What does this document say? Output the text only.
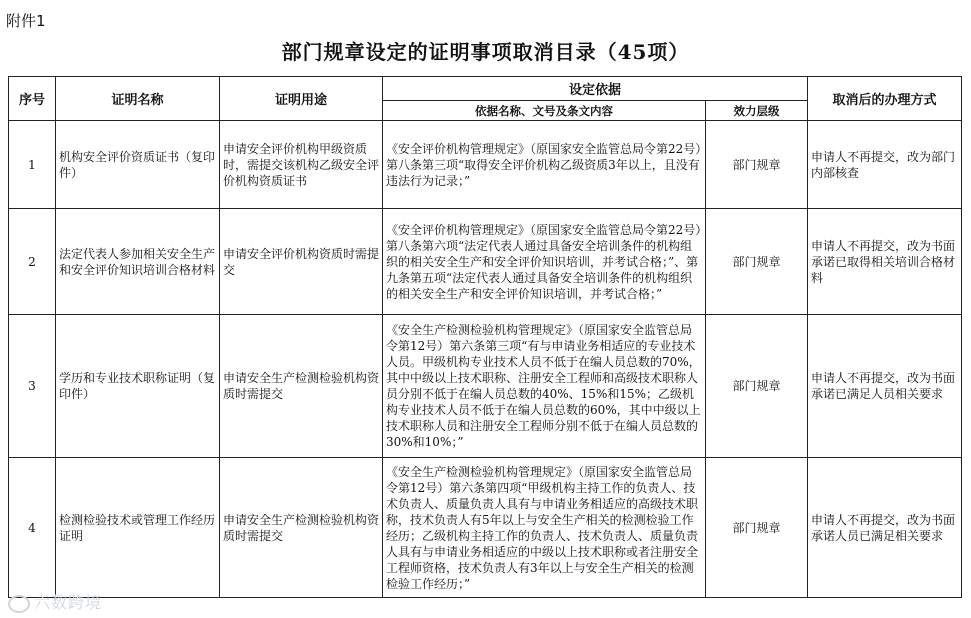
附件1
部门规章设定的证明事项取消目录（45项）
序号	证明名称	证明用途	设定依据		取消后的办理方式
			依据名称、文号及条文内容	效力层级	
1	机构安全评价资质证书（复印件）	申请安全评价机构甲级资质时，需提交该机构乙级安全评价机构资质证书	《安全评价机构管理规定》（原国家安全监管总局令第22号）第八条第三项“取得安全评价机构乙级资质3年以上，且没有违法行为记录；”	部门规章	申请人不再提交，改为部门内部核查
2	法定代表人参加相关安全生产和安全评价知识培训合格材料	申请安全评价机构资质时需提交	《安全评价机构管理规定》（原国家安全监管总局令第22号）第八条第六项“法定代表人通过具备安全培训条件的机构组织的相关安全生产和安全评价知识培训，并考试合格；”、第九条第五项“法定代表人通过具备安全培训条件的机构组织的相关安全生产和安全评价知识培训，并考试合格；”	部门规章	申请人不再提交，改为书面承诺已取得相关培训合格材料
3	学历和专业技术职称证明（复印件）	申请安全生产检测检验机构资质时需提交	《安全生产检测检验机构管理规定》（原国家安全监管总局令第12号）第六条第三项“有与申请业务相适应的专业技术人员。甲级机构专业技术人员不低于在编人员总数的70%，其中中级以上技术职称、注册安全工程师和高级技术职称人员分别不低于在编人员总数的40%、15%和15%；乙级机构专业技术人员不低于在编人员总数的60%，其中中级以上技术职称人员和注册安全工程师分别不低于在编人员总数的30%和10%；”	部门规章	申请人不再提交，改为书面承诺已满足人员相关要求
4	检测检验技术或管理工作经历证明	申请安全生产检测检验机构资质时需提交	《安全生产检测检验机构管理规定》（原国家安全监管总局令第12号）第六条第四项“甲级机构主持工作的负责人、技术负责人、质量负责人具有与申请业务相适应的高级技术职称，技术负责人有5年以上与安全生产相关的检测检验工作经历；乙级机构主持工作的负责人、技术负责人、质量负责人具有与申请业务相适应的中级以上技术职称或者注册安全工程师资格，技术负责人有3年以上与安全生产相关的检测检验工作经历；”	部门规章	申请人不再提交，改为书面承诺人员已满足相关要求
六数跨境
